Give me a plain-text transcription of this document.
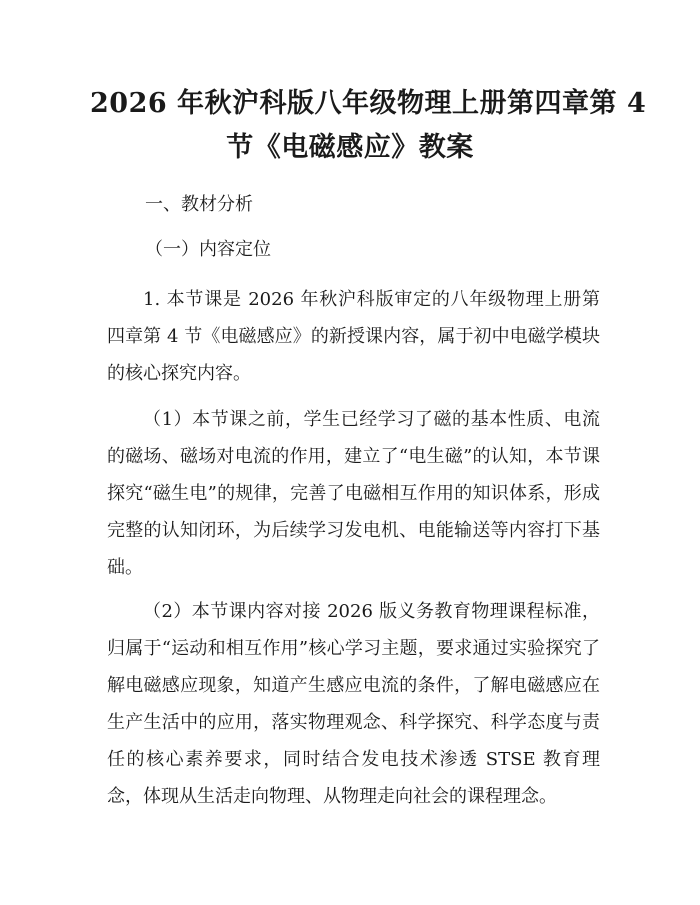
2026 年秋沪科版八年级物理上册第四章第 4
节《电磁感应》教案
一、教材分析
（一）内容定位
1. 本节课是 2026 年秋沪科版审定的八年级物理上册第四章第 4 节《电磁感应》的新授课内容，属于初中电磁学模块的核心探究内容。
（1）本节课之前，学生已经学习了磁的基本性质、电流的磁场、磁场对电流的作用，建立了“电生磁”的认知，本节课探究“磁生电”的规律，完善了电磁相互作用的知识体系，形成完整的认知闭环，为后续学习发电机、电能输送等内容打下基础。
（2）本节课内容对接 2026 版义务教育物理课程标准，归属于“运动和相互作用”核心学习主题，要求通过实验探究了解电磁感应现象，知道产生感应电流的条件，了解电磁感应在生产生活中的应用，落实物理观念、科学探究、科学态度与责任的核心素养要求，同时结合发电技术渗透 STSE 教育理念，体现从生活走向物理、从物理走向社会的课程理念。
